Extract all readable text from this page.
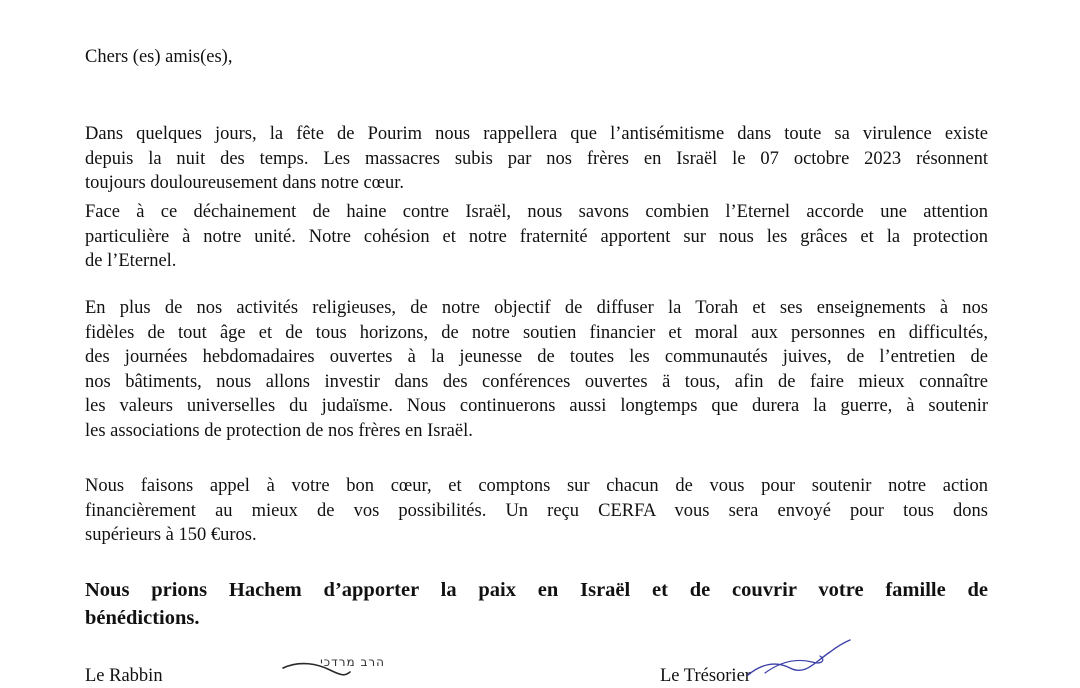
Chers (es) amis(es),

Dans quelques jours, la fête de Pourim nous rappellera que l’antisémitisme dans toute sa virulence existe
depuis la nuit des temps. Les massacres subis par nos frères en Israël le 07 octobre 2023 résonnent
toujours douloureusement dans notre cœur.

Face à ce déchainement de haine contre Israël, nous savons combien l’Eternel accorde une attention
particulière à notre unité. Notre cohésion et notre fraternité apportent sur nous les grâces et la protection
de l’Eternel.

En plus de nos activités religieuses, de notre objectif de diffuser la Torah et ses enseignements à nos
fidèles de tout âge et de tous horizons, de notre soutien financier et moral aux personnes en difficultés,
des journées hebdomadaires ouvertes à la jeunesse de toutes les communautés juives, de l’entretien de
nos bâtiments, nous allons investir dans des conférences ouvertes ä tous, afin de faire mieux connaître
les valeurs universelles du judaïsme. Nous continuerons aussi longtemps que durera la guerre, à soutenir
les associations de protection de nos frères en Israël.

Nous faisons appel à votre bon cœur, et comptons sur chacun de vous pour soutenir notre action
financièrement au mieux de vos possibilités. Un reçu CERFA vous sera envoyé pour tous dons
supérieurs à 150 €uros.

Nous prions Hachem d’apporter la paix en Israël et de couvrir votre famille de
bénédictions.

Le Rabbin	Le Trésorier
הרב מרדכי
